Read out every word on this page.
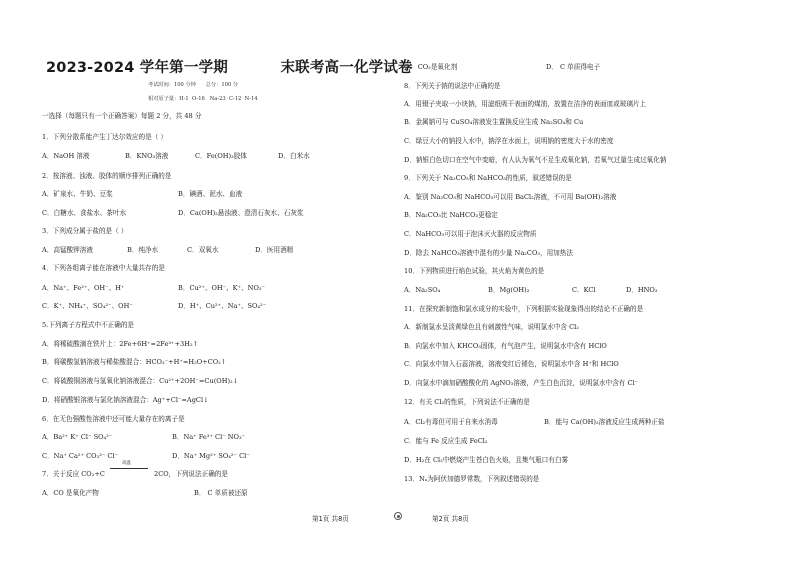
2023-2024 学年第一学期          末联考高一化学试卷
考试时间：100 分钟      总分：100 分
相对原子量：H-1  O-16   Na-23  C-12  N-14
一选择（每题只有一个正确答案）每题 2 分，共 48 分
1．下列分散系能产生丁达尔效应的是（ ）
A．NaOH 溶液	B．KNO₃溶液	C．Fe(OH)₃胶体	D．白米水
2．按溶液、浊液、胶体的顺序排列正确的是
A．矿泉水、牛奶、豆浆	B．碘酒、泥水、血液
C．白糖水、食盐水、茶叶水	D．Ca(OH)₂悬浊液、澄清石灰水、石灰浆
3．下列成分属于盐的是（ ）
A．高锰酸钾溶液	B．纯净水	C．双氧水	D．医用酒精
4．下列各组离子能在溶液中大量共存的是
A．Na⁺、Fe²⁺、OH⁻、H⁺	B．Cu²⁺、OH⁻、K⁺、NO₃⁻
C．K⁺、NH₄⁺、SO₄²⁻、OH⁻	D．H⁺、Cu²⁺、Na⁺、SO₄²⁻
5.下列离子方程式中不正确的是
A．将稀硫酸滴在铁片上：2Fe+6H⁺=2Fe³⁺+3H₂↑
B．将碳酸氢钠溶液与稀盐酸混合：HCO₃⁻+H⁺=H₂O+CO₂↑
C．将硫酸铜溶液与氢氧化钠溶液混合：Cu²⁺+2OH⁻=Cu(OH)₂↓
D．将硝酸银溶液与氯化钠溶液混合：Ag⁺+Cl⁻=AgCl↓
6．在无色强酸性溶液中还可能大量存在的离子是
A．Ba²⁺ K⁺ Cl⁻ SO₄²⁻	B．Na⁺ Fe³⁺ Cl⁻ NO₃⁻
C．Na⁺ Ca²⁺ CO₃²⁻ Cl⁻	D．Na⁺ Mg²⁺ SO₄²⁻ Cl⁻
7．关于反应 CO₂+C
高温
2CO，下列说法正确的是
A．CO 是氧化产物	B． C 单质被还原
C． CO₂是氧化剂	D． C 单质得电子
8．下列关于钠的说法中正确的是
A．用镊子夹取一小块钠，用滤纸吸干表面的煤油，放置在洁净的表面皿或玻璃片上
B．金属钠可与 CuSO₄溶液发生置换反应生成 Na₂SO₄和 Cu
C．绿豆大小的钠投入水中，钠浮在水面上，说明钠的密度大于水的密度
D．钠银白色切口在空气中变暗，有人认为氧气不足生成氧化钠，若氧气过量生成过氧化钠
9．下列关于 Na₂CO₃和 NaHCO₃的性质，叙述错误的是
A．鉴别 Na₂CO₃和 NaHCO₃可以用 BaCl₂溶液，不可用 Ba(OH)₂溶液
B．Na₂CO₃比 NaHCO₃更稳定
C．NaHCO₃可以用于泡沫灭火器的反应物质
D．除去 NaHCO₃溶液中混有的少量 Na₂CO₃，用加热法
10．下列物质进行焰色试验，其火焰为黄色的是
A．Na₂SO₄	B．Mg(OH)₂	C．KCl	D．HNO₃
11．在探究新制饱和氯水成分的实验中，下列根据实验现象得出的结论不正确的是
A．新制氯水呈淡黄绿色且有刺激性气味，说明氯水中含 Cl₂
B．向氯水中加入 KHCO₃固体，有气泡产生，说明氯水中含有 HClO
C．向氯水中加入石蕊溶液，溶液变红后褪色，说明氯水中含 H⁺和 HClO
D．向氯水中滴加硝酸酸化的 AgNO₃溶液，产生白色沉淀，说明氯水中含有 Cl⁻
12．有关 Cl₂的性质，下列说法不正确的是
A．Cl₂有毒但可用于自来水消毒	B．能与 Ca(OH)₂溶液反应生成两种正盐
C．能与 Fe 反应生成 FeCl₂
D．H₂在 Cl₂中燃烧产生苍白色火焰，且集气瓶口有白雾
13．Nₐ为阿伏加德罗常数，下列叙述错误的是
第1页 共8页	第2页 共8页
